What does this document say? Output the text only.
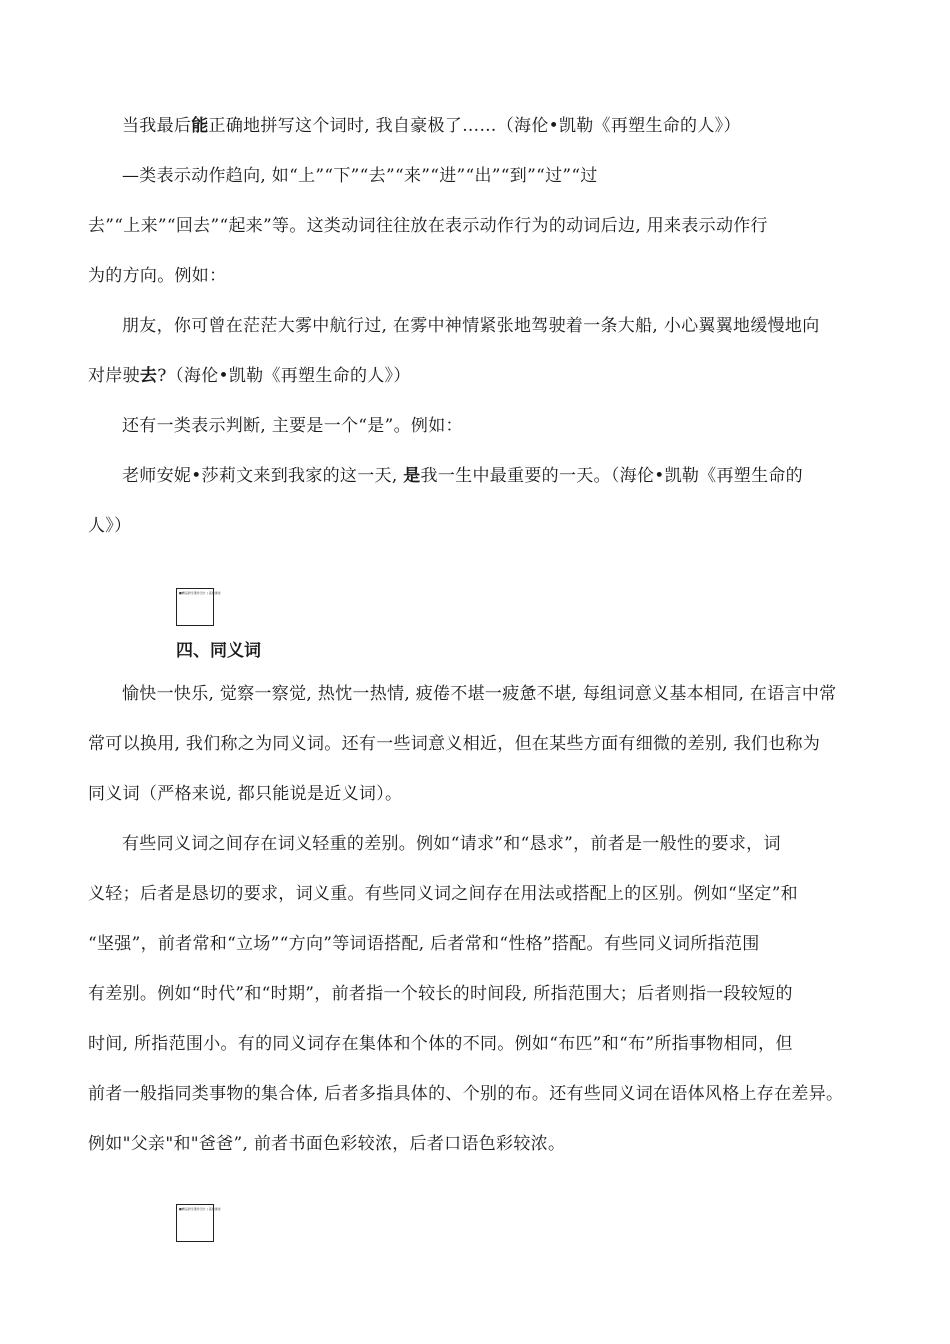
当我最后能正确地拼写这个词时, 我自豪极了……（海伦•凯勒《再塑生命的人》）
—类表示动作趋向, 如“上”“下”“去”“来”“进”“出”“到”“过”“过
去”“上来”“回去”“起来”等。这类动词往往放在表示动作行为的动词后边, 用来表示动作行
为的方向。例如：
朋友，你可曾在茫茫大雾中航行过, 在雾中神情紧张地驾驶着一条大船, 小心翼翼地缓慢地向
对岸驶去?（海伦•凯勒《再塑生命的人》）
还有一类表示判断, 主要是一个“是”。例如：
老师安妮•莎莉文来到我家的这一天, 是我一生中最重要的一天。（海伦•凯勒《再塑生命的
人》）
■精品教学课件设计 | 高效课堂
四、同义词
愉快一快乐, 觉察一察觉, 热忱一热情, 疲倦不堪一疲惫不堪, 每组词意义基本相同, 在语言中常
常可以换用, 我们称之为同义词。还有一些词意义相近，但在某些方面有细微的差别, 我们也称为
同义词（严格来说, 都只能说是近义词）。
有些同义词之间存在词义轻重的差别。例如“请求”和“恳求”，前者是一般性的要求，词
义轻；后者是恳切的要求，词义重。有些同义词之间存在用法或搭配上的区别。例如“坚定”和
“坚强”，前者常和“立场”“方向”等词语搭配, 后者常和“性格”搭配。有些同义词所指范围
有差别。例如“时代”和“时期”，前者指一个较长的时间段, 所指范围大；后者则指一段较短的
时间, 所指范围小。有的同义词存在集体和个体的不同。例如“布匹”和“布”所指事物相同，但
前者一般指同类事物的集合体, 后者多指具体的、个别的布。还有些同义词在语体风格上存在差异。
例如"父亲"和"爸爸”, 前者书面色彩较浓，后者口语色彩较浓。
■精品教学课件设计 | 高效课堂
